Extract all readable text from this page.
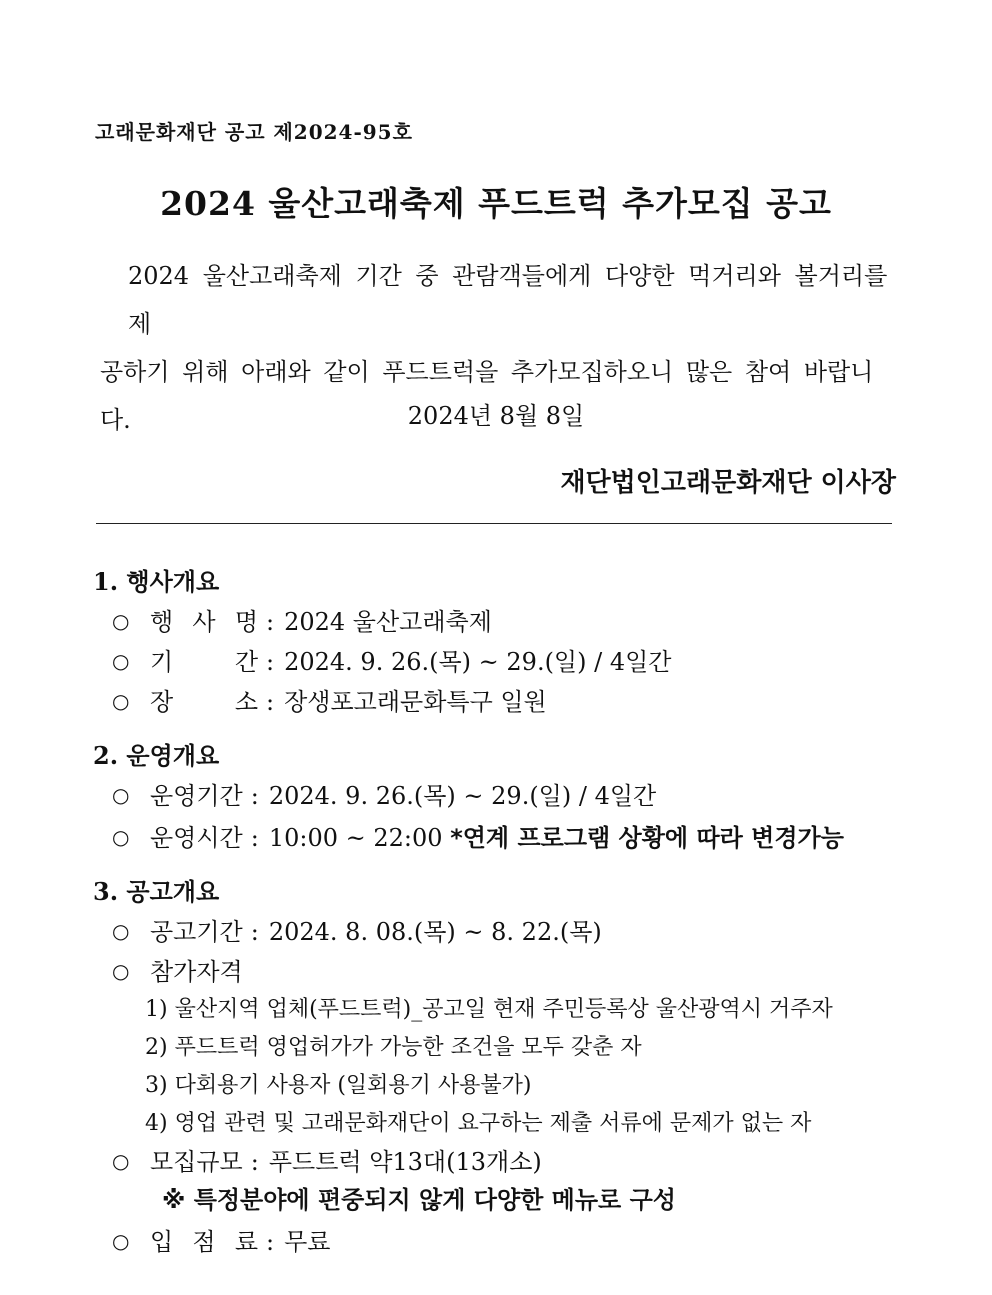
고래문화재단 공고 제2024-95호
2024 울산고래축제 푸드트럭 추가모집 공고
2024 울산고래축제 기간 중 관람객들에게 다양한 먹거리와 볼거리를 제
공하기 위해 아래와 같이 푸드트럭을 추가모집하오니 많은 참여 바랍니다.	2024년 8월 8일
재단법인고래문화재단 이사장
1. 행사개요
○ 행 사 명 : 2024 울산고래축제
○ 기 간 : 2024. 9. 26.(목) ~ 29.(일) / 4일간
○ 장 소 : 장생포고래문화특구 일원
2. 운영개요
○ 운영기간 : 2024. 9. 26.(목) ~ 29.(일) / 4일간
○ 운영시간 : 10:00 ~ 22:00 *연계 프로그램 상황에 따라 변경가능
3. 공고개요
○ 공고기간 : 2024. 8. 08.(목) ~ 8. 22.(목)
○ 참가자격
1) 울산지역 업체(푸드트럭)_공고일 현재 주민등록상 울산광역시 거주자
2) 푸드트럭 영업허가가 가능한 조건을 모두 갖춘 자
3) 다회용기 사용자 (일회용기 사용불가)
4) 영업 관련 및 고래문화재단이 요구하는 제출 서류에 문제가 없는 자
○ 모집규모 : 푸드트럭 약13대(13개소)
※ 특정분야에 편중되지 않게 다양한 메뉴로 구성
○ 입 점 료 : 무료
